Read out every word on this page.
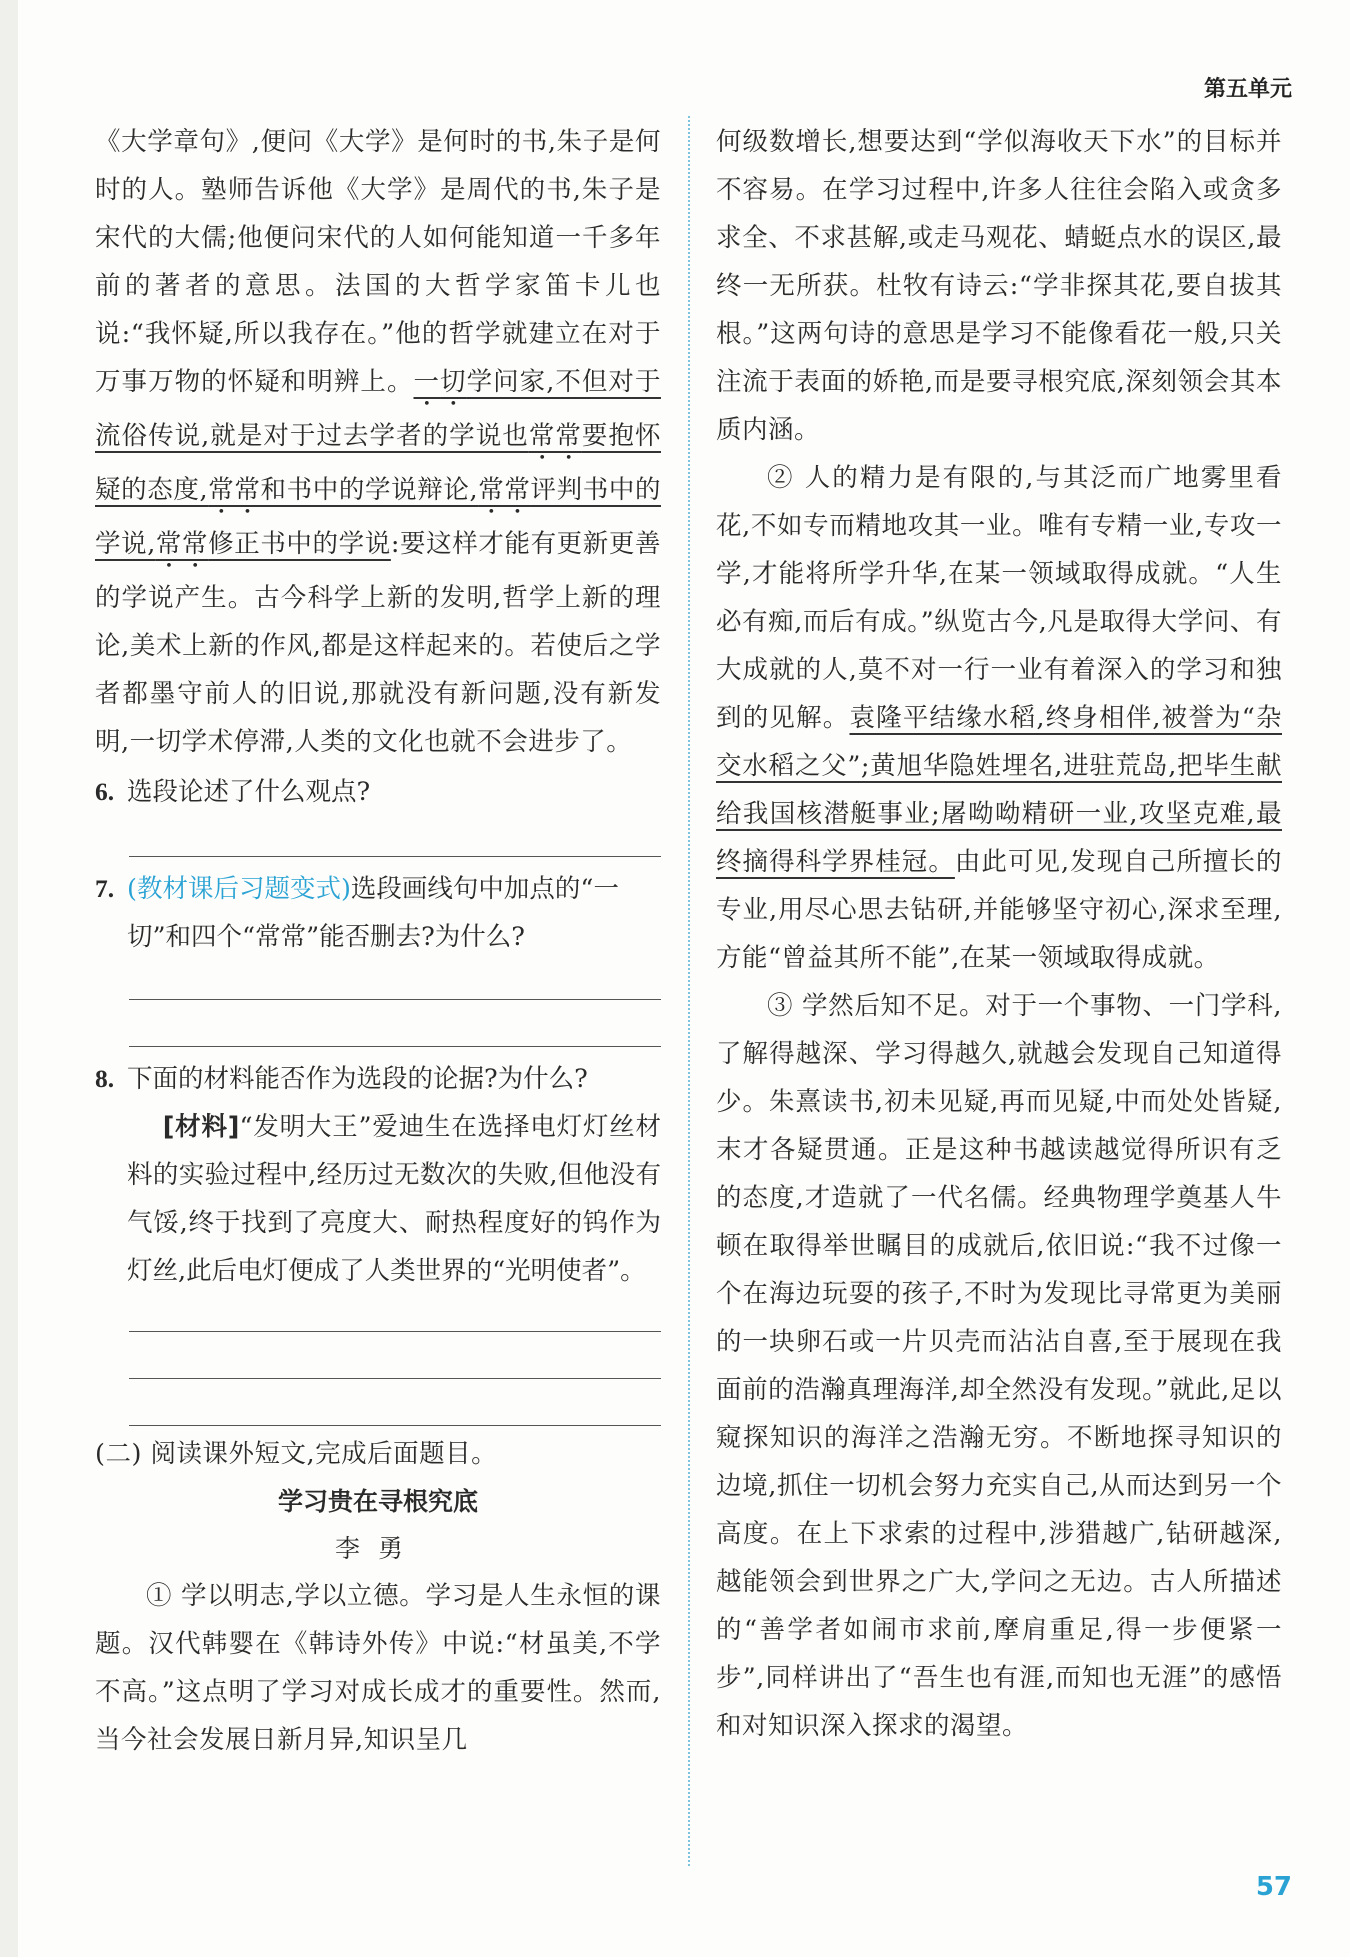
第五单元

《大学章句》,便问《大学》是何时的书,朱子是何时的人。塾师告诉他《大学》是周代的书,朱子是宋代的大儒;他便问宋代的人如何能知道一千多年前的著者的意思。法国的大哲学家笛卡儿也说:“我怀疑,所以我存在。”他的哲学就建立在对于万事万物的怀疑和明辨上。一切学问家,不但对于流俗传说,就是对于过去学者的学说也常常要抱怀疑的态度,常常和书中的学说辩论,常常评判书中的学说,常常修正书中的学说:要这样才能有更新更善的学说产生。古今科学上新的发明,哲学上新的理论,美术上新的作风,都是这样起来的。若使后之学者都墨守前人的旧说,那就没有新问题,没有新发明,一切学术停滞,人类的文化也就不会进步了。

6. 选段论述了什么观点?
7. (教材课后习题变式)选段画线句中加点的“一切”和四个“常常”能否删去?为什么?
8. 下面的材料能否作为选段的论据?为什么?

[材料]“发明大王”爱迪生在选择电灯灯丝材料的实验过程中,经历过无数次的失败,但他没有气馁,终于找到了亮度大、耐热程度好的钨作为灯丝,此后电灯便成了人类世界的“光明使者”。

(二) 阅读课外短文,完成后面题目。

学习贵在寻根究底

李勇

① 学以明志,学以立德。学习是人生永恒的课题。汉代韩婴在《韩诗外传》中说:“材虽美,不学不高。”这点明了学习对成长成才的重要性。然而,当今社会发展日新月异,知识呈几

何级数增长,想要达到“学似海收天下水”的目标并不容易。在学习过程中,许多人往往会陷入或贪多求全、不求甚解,或走马观花、蜻蜓点水的误区,最终一无所获。杜牧有诗云:“学非探其花,要自拔其根。”这两句诗的意思是学习不能像看花一般,只关注流于表面的娇艳,而是要寻根究底,深刻领会其本质内涵。

② 人的精力是有限的,与其泛而广地雾里看花,不如专而精地攻其一业。唯有专精一业,专攻一学,才能将所学升华,在某一领域取得成就。“人生必有痴,而后有成。”纵览古今,凡是取得大学问、有大成就的人,莫不对一行一业有着深入的学习和独到的见解。袁隆平结缘水稻,终身相伴,被誉为“杂交水稻之父”;黄旭华隐姓埋名,进驻荒岛,把毕生献给我国核潜艇事业;屠呦呦精研一业,攻坚克难,最终摘得科学界桂冠。由此可见,发现自己所擅长的专业,用尽心思去钻研,并能够坚守初心,深求至理,方能“曾益其所不能”,在某一领域取得成就。

③ 学然后知不足。对于一个事物、一门学科,了解得越深、学习得越久,就越会发现自己知道得少。朱熹读书,初未见疑,再而见疑,中而处处皆疑,末才各疑贯通。正是这种书越读越觉得所识有乏的态度,才造就了一代名儒。经典物理学奠基人牛顿在取得举世瞩目的成就后,依旧说:“我不过像一个在海边玩耍的孩子,不时为发现比寻常更为美丽的一块卵石或一片贝壳而沾沾自喜,至于展现在我面前的浩瀚真理海洋,却全然没有发现。”就此,足以窥探知识的海洋之浩瀚无穷。不断地探寻知识的边境,抓住一切机会努力充实自己,从而达到另一个高度。在上下求索的过程中,涉猎越广,钻研越深,越能领会到世界之广大,学问之无边。古人所描述的“善学者如闹市求前,摩肩重足,得一步便紧一步”,同样讲出了“吾生也有涯,而知也无涯”的感悟和对知识深入探求的渴望。

57
